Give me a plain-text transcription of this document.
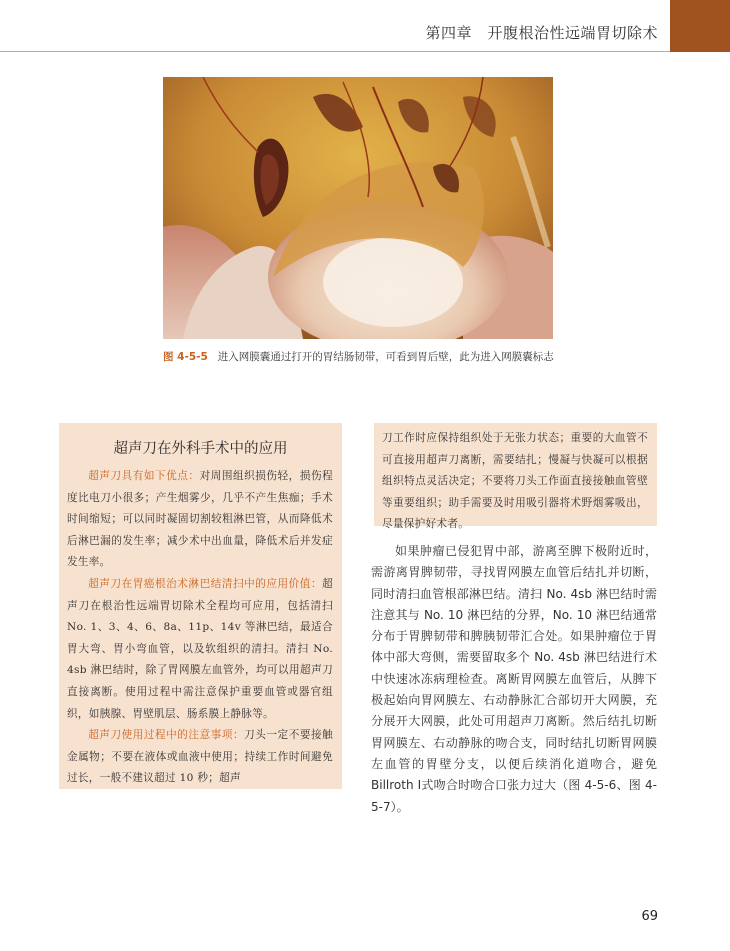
第四章　开腹根治性远端胃切除术
图 4-5-5 进入网膜囊通过打开的胃结肠韧带，可看到胃后壁，此为进入网膜囊标志
超声刀在外科手术中的应用

超声刀具有如下优点：对周围组织损伤轻，损伤程度比电刀小很多；产生烟雾少，几乎不产生焦痂；手术时间缩短；可以同时凝固切割较粗淋巴管，从而降低术后淋巴漏的发生率；减少术中出血量，降低术后并发症发生率。

超声刀在胃癌根治术淋巴结清扫中的应用价值：超声刀在根治性远端胃切除术全程均可应用，包括清扫 No. 1、3、4、6、8a、11p、14v 等淋巴结，最适合胃大弯、胃小弯血管，以及软组织的清扫。清扫 No. 4sb 淋巴结时，除了胃网膜左血管外，均可以用超声刀直接离断。使用过程中需注意保护重要血管或器官组织，如胰腺、胃壁肌层、肠系膜上静脉等。

超声刀使用过程中的注意事项：刀头一定不要接触金属物；不要在液体或血液中使用；持续工作时间避免过长，一般不建议超过 10 秒；超声

刀工作时应保持组织处于无张力状态；重要的大血管不可直接用超声刀离断，需要结扎；慢凝与快凝可以根据组织特点灵活决定；不要将刀头工作面直接接触血管壁等重要组织；助手需要及时用吸引器将术野烟雾吸出，尽量保护好术者。

如果肿瘤已侵犯胃中部，游离至脾下极附近时，需游离胃脾韧带，寻找胃网膜左血管后结扎并切断，同时清扫血管根部淋巴结。清扫 No. 4sb 淋巴结时需注意其与 No. 10 淋巴结的分界，No. 10 淋巴结通常分布于胃脾韧带和脾胰韧带汇合处。如果肿瘤位于胃体中部大弯侧，需要留取多个 No. 4sb 淋巴结进行术中快速冰冻病理检查。离断胃网膜左血管后，从脾下极起始向胃网膜左、右动静脉汇合部切开大网膜，充分展开大网膜，此处可用超声刀离断。然后结扎切断胃网膜左、右动静脉的吻合支，同时结扎切断胃网膜左血管的胃壁分支，以便后续消化道吻合，避免 Billroth Ⅰ式吻合时吻合口张力过大（图 4-5-6、图 4-5-7）。

69
